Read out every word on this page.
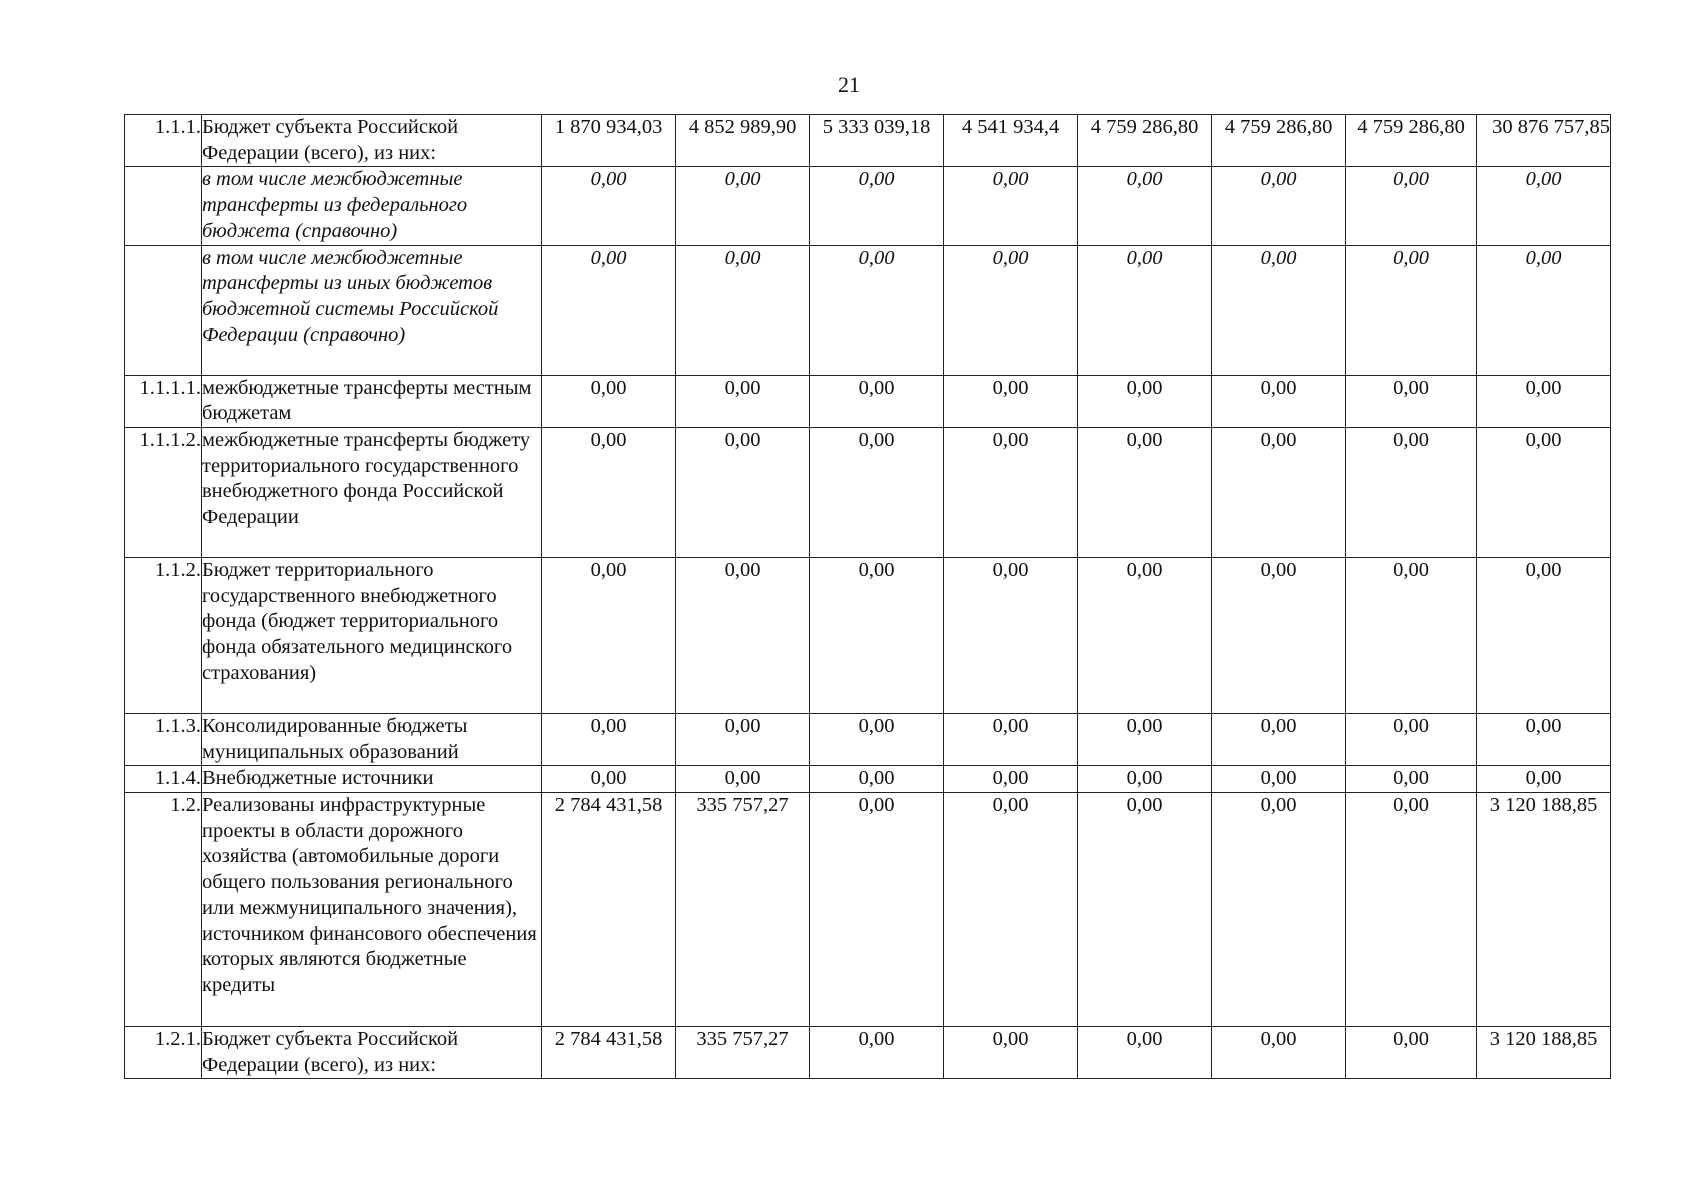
21
1.1.1.	Бюджет субъекта Российской Федерации (всего), из них:	1 870 934,03	4 852 989,90	5 333 039,18	4 541 934,4	4 759 286,80	4 759 286,80	4 759 286,80	30 876 757,85
	в том числе межбюджетные трансферты из федерального бюджета (справочно)	0,00	0,00	0,00	0,00	0,00	0,00	0,00	0,00
	в том числе межбюджетные трансферты из иных бюджетов бюджетной системы Российской Федерации (справочно)	0,00	0,00	0,00	0,00	0,00	0,00	0,00	0,00
1.1.1.1.	межбюджетные трансферты местным бюджетам	0,00	0,00	0,00	0,00	0,00	0,00	0,00	0,00
1.1.1.2.	межбюджетные трансферты бюджету территориального государственного внебюджетного фонда Российской Федерации	0,00	0,00	0,00	0,00	0,00	0,00	0,00	0,00
1.1.2.	Бюджет территориального государственного внебюджетного фонда (бюджет территориального фонда обязательного медицинского страхования)	0,00	0,00	0,00	0,00	0,00	0,00	0,00	0,00
1.1.3.	Консолидированные бюджеты муниципальных образований	0,00	0,00	0,00	0,00	0,00	0,00	0,00	0,00
1.1.4.	Внебюджетные источники	0,00	0,00	0,00	0,00	0,00	0,00	0,00	0,00
1.2.	Реализованы инфраструктурные проекты в области дорожного хозяйства (автомобильные дороги общего пользования регионального или межмуниципального значения), источником финансового обеспечения которых являются бюджетные кредиты	2 784 431,58	335 757,27	0,00	0,00	0,00	0,00	0,00	3 120 188,85
1.2.1.	Бюджет субъекта Российской Федерации (всего), из них:	2 784 431,58	335 757,27	0,00	0,00	0,00	0,00	0,00	3 120 188,85
